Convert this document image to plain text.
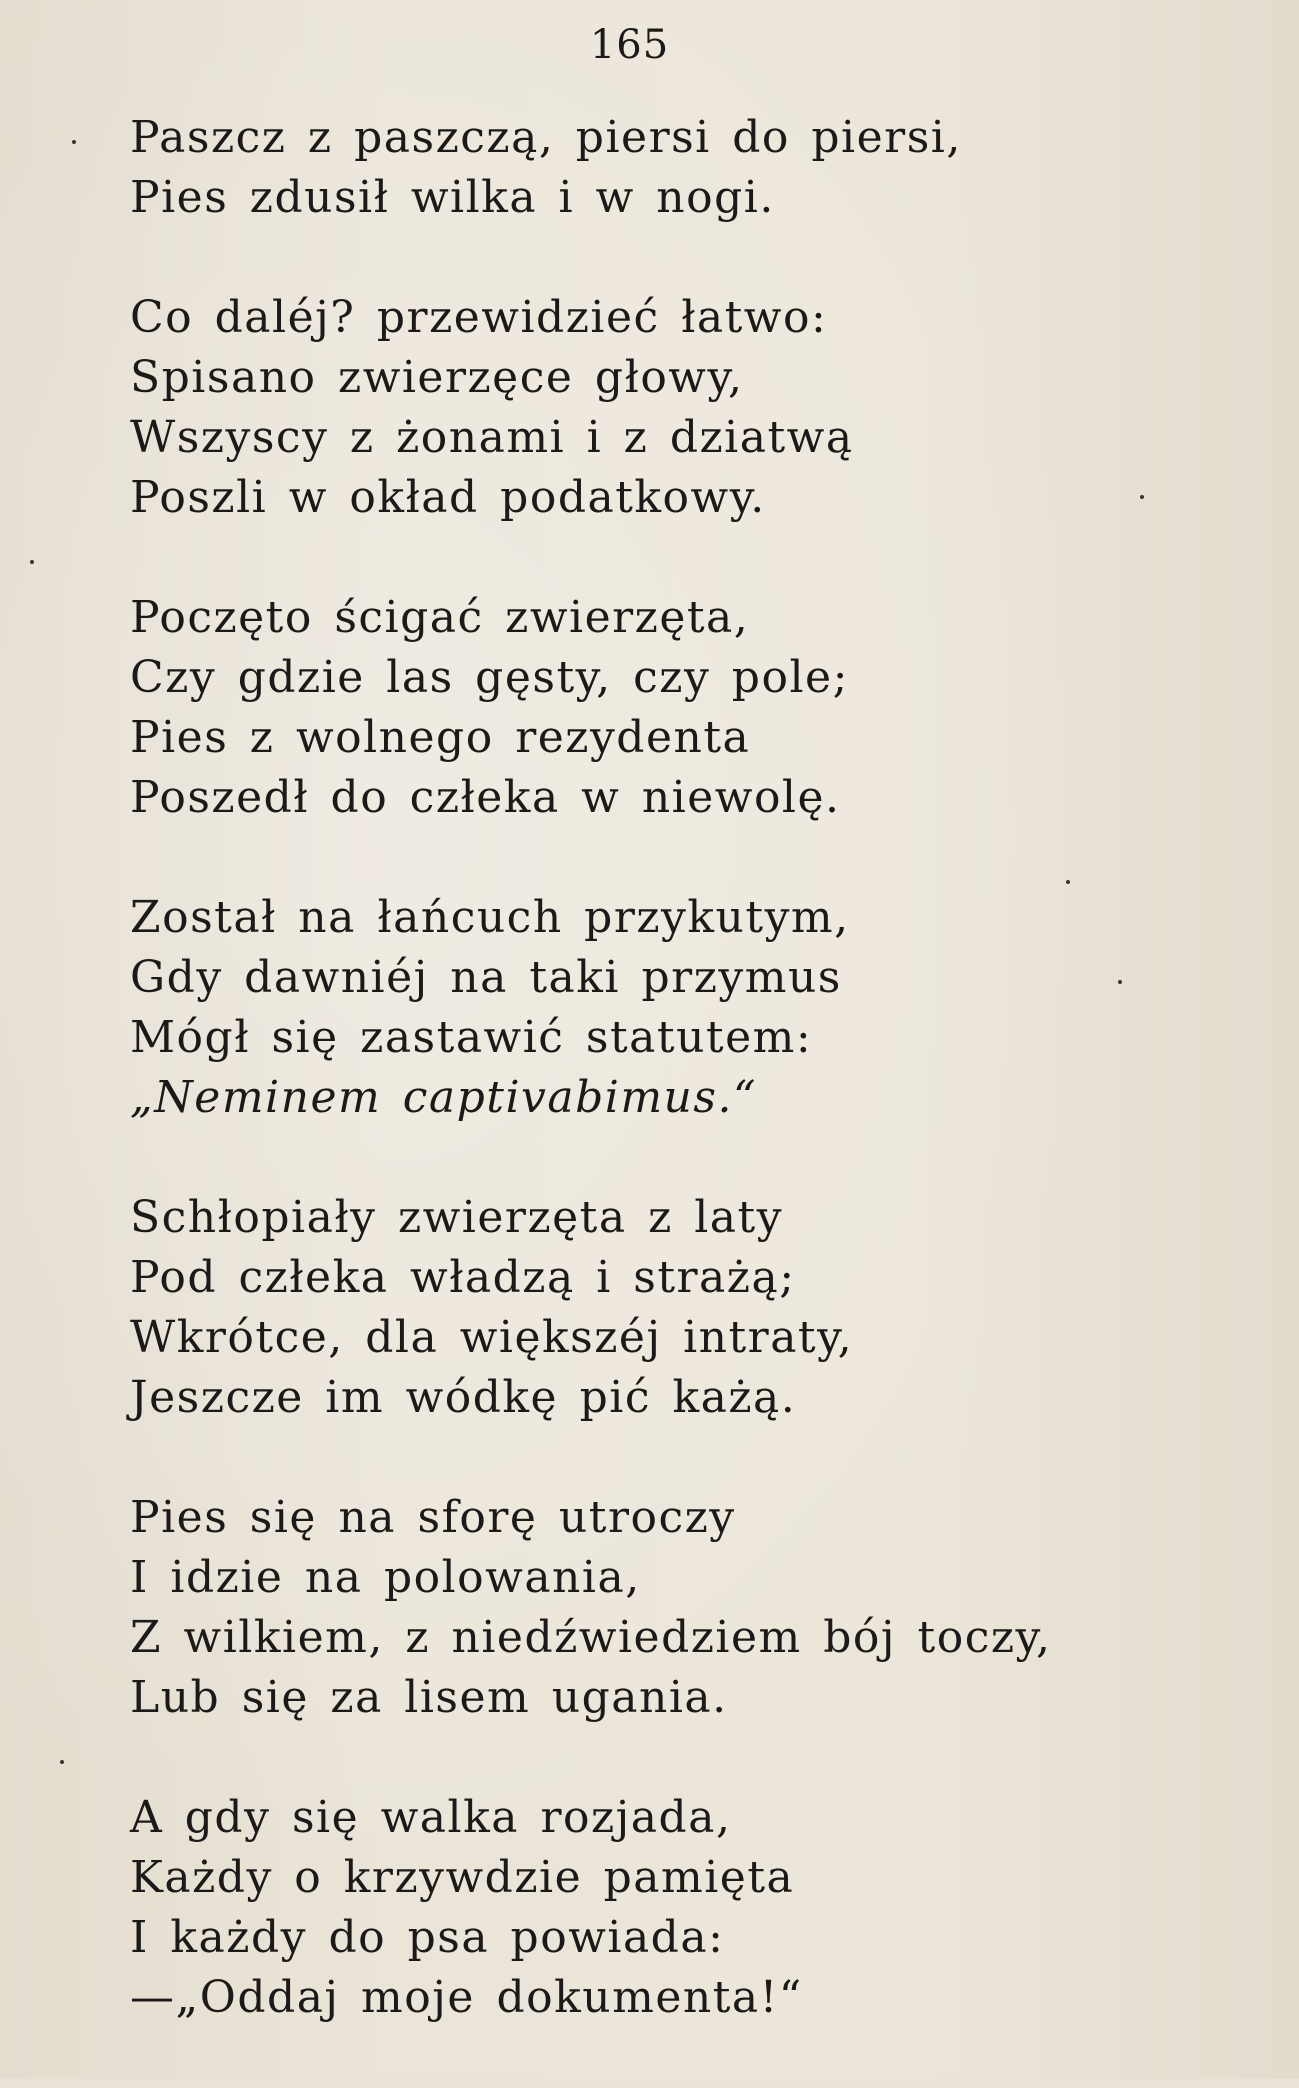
165
Paszcz z paszczą, piersi do piersi,
Pies zdusił wilka i w nogi.
Co daléj? przewidzieć łatwo:
Spisano zwierzęce głowy,
Wszyscy z żonami i z dziatwą
Poszli w okład podatkowy.
Poczęto ścigać zwierzęta,
Czy gdzie las gęsty, czy pole;
Pies z wolnego rezydenta
Poszedł do człeka w niewolę.
Został na łańcuch przykutym,
Gdy dawniéj na taki przymus
Mógł się zastawić statutem:
„Neminem captivabimus.“
Schłopiały zwierzęta z laty
Pod człeka władzą i strażą;
Wkrótce, dla większéj intraty,
Jeszcze im wódkę pić każą.
Pies się na sforę utroczy
I idzie na polowania,
Z wilkiem, z niedźwiedziem bój toczy,
Lub się za lisem ugania.
A gdy się walka rozjada,
Każdy o krzywdzie pamięta
I każdy do psa powiada:
—„Oddaj moje dokumenta!“
